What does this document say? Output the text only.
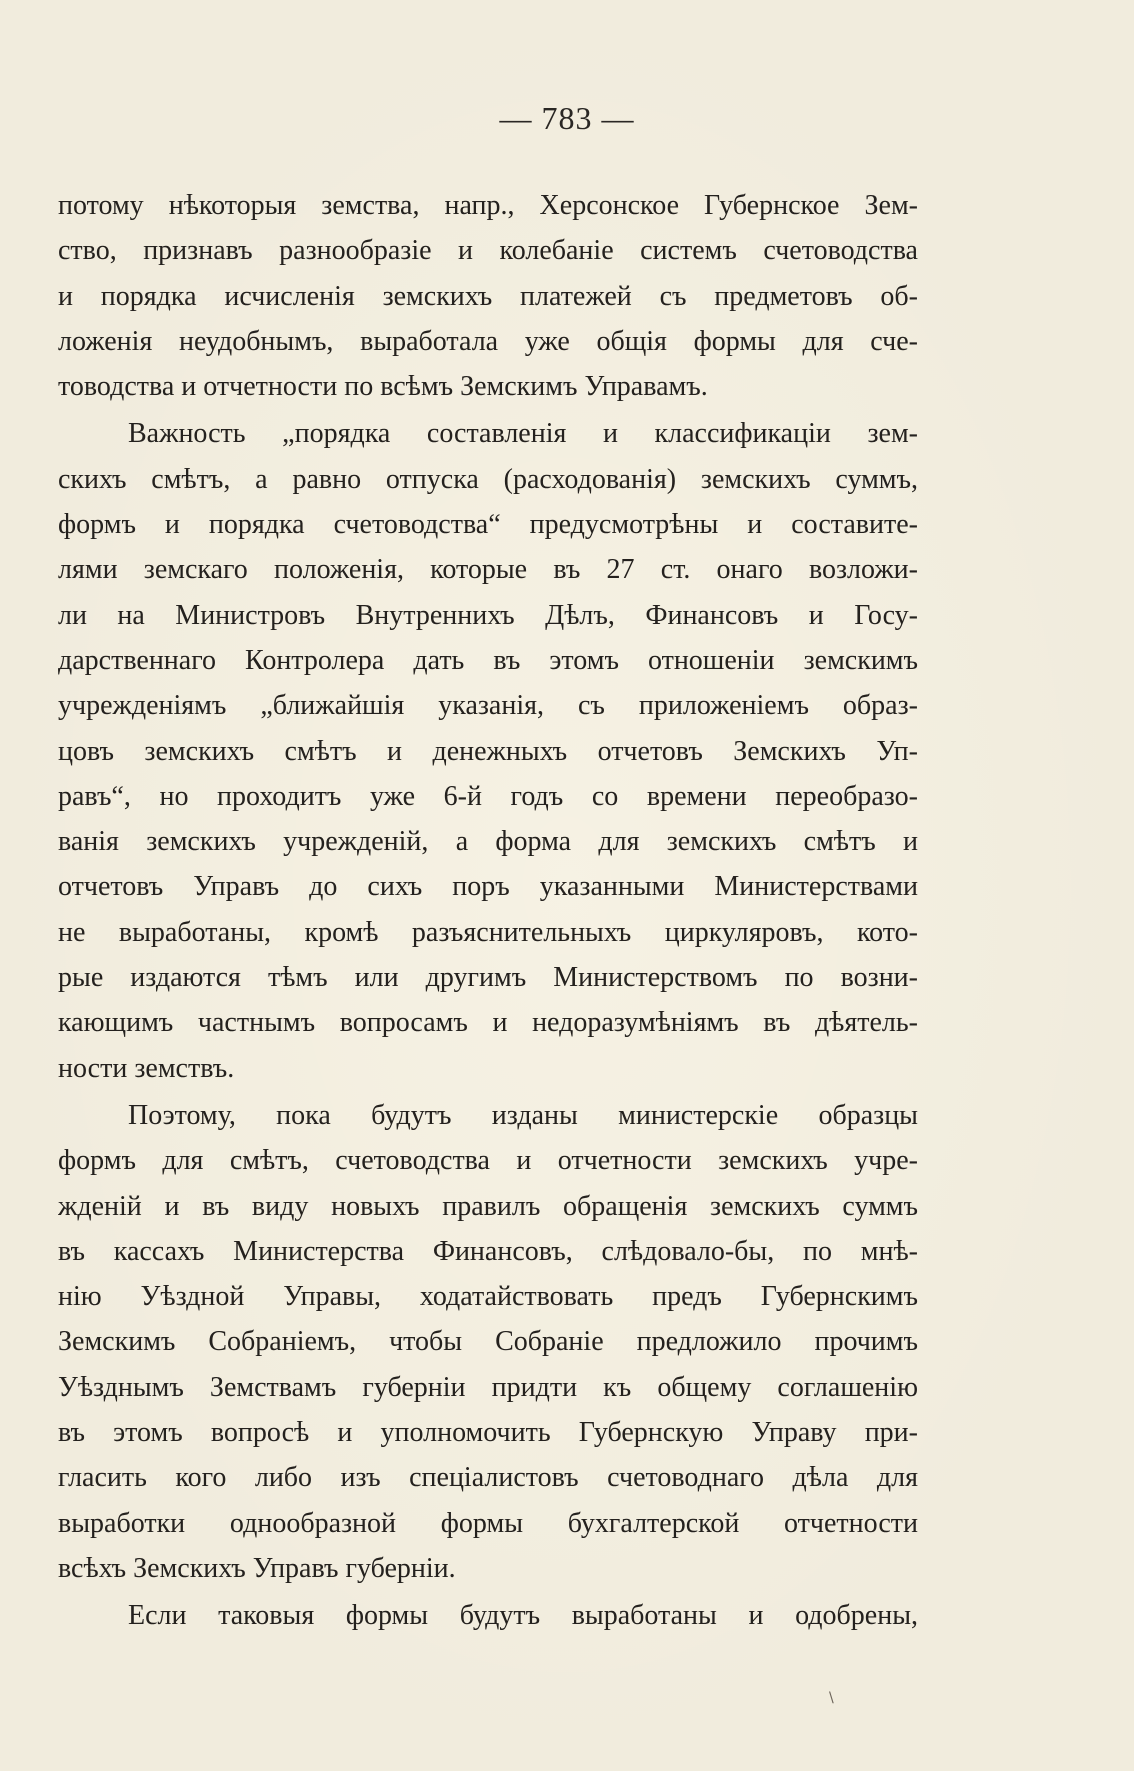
— 783 —
потому нѣкоторыя земства, напр., Херсонское Губернское Зем-
ство, признавъ разнообразіе и колебаніе системъ счетоводства
и порядка исчисленія земскихъ платежей съ предметовъ об-
ложенія неудобнымъ, выработала уже общія формы для сче-
товодства и отчетности по всѣмъ Земскимъ Управамъ.
Важность „порядка составленія и классификаціи зем-
скихъ смѣтъ, а равно отпуска (расходованія) земскихъ суммъ,
формъ и порядка счетоводства“ предусмотрѣны и составите-
лями земскаго положенія, которые въ 27 ст. онаго возложи-
ли на Министровъ Внутреннихъ Дѣлъ, Финансовъ и Госу-
дарственнаго Контролера дать въ этомъ отношеніи земскимъ
учрежденіямъ „ближайшія указанія, съ приложеніемъ образ-
цовъ земскихъ смѣтъ и денежныхъ отчетовъ Земскихъ Уп-
равъ“, но проходитъ уже 6-й годъ со времени переобразо-
ванія земскихъ учрежденій, а форма для земскихъ смѣтъ и
отчетовъ Управъ до сихъ поръ указанными Министерствами
не выработаны, кромѣ разъяснительныхъ циркуляровъ, кото-
рые издаются тѣмъ или другимъ Министерствомъ по возни-
кающимъ частнымъ вопросамъ и недоразумѣніямъ въ дѣятель-
ности земствъ.
Поэтому, пока будутъ изданы министерскіе образцы
формъ для смѣтъ, счетоводства и отчетности земскихъ учре-
жденій и въ виду новыхъ правилъ обращенія земскихъ суммъ
въ кассахъ Министерства Финансовъ, слѣдовало-бы, по мнѣ-
нію Уѣздной Управы, ходатайствовать предъ Губернскимъ
Земскимъ Собраніемъ, чтобы Собраніе предложило прочимъ
Уѣзднымъ Земствамъ губерніи придти къ общему соглашенію
въ этомъ вопросѣ и уполномочить Губернскую Управу при-
гласить кого либо изъ спеціалистовъ счетоводнаго дѣла для
выработки однообразной формы бухгалтерской отчетности
всѣхъ Земскихъ Управъ губерніи.
Если таковыя формы будутъ выработаны и одобрены,
\
